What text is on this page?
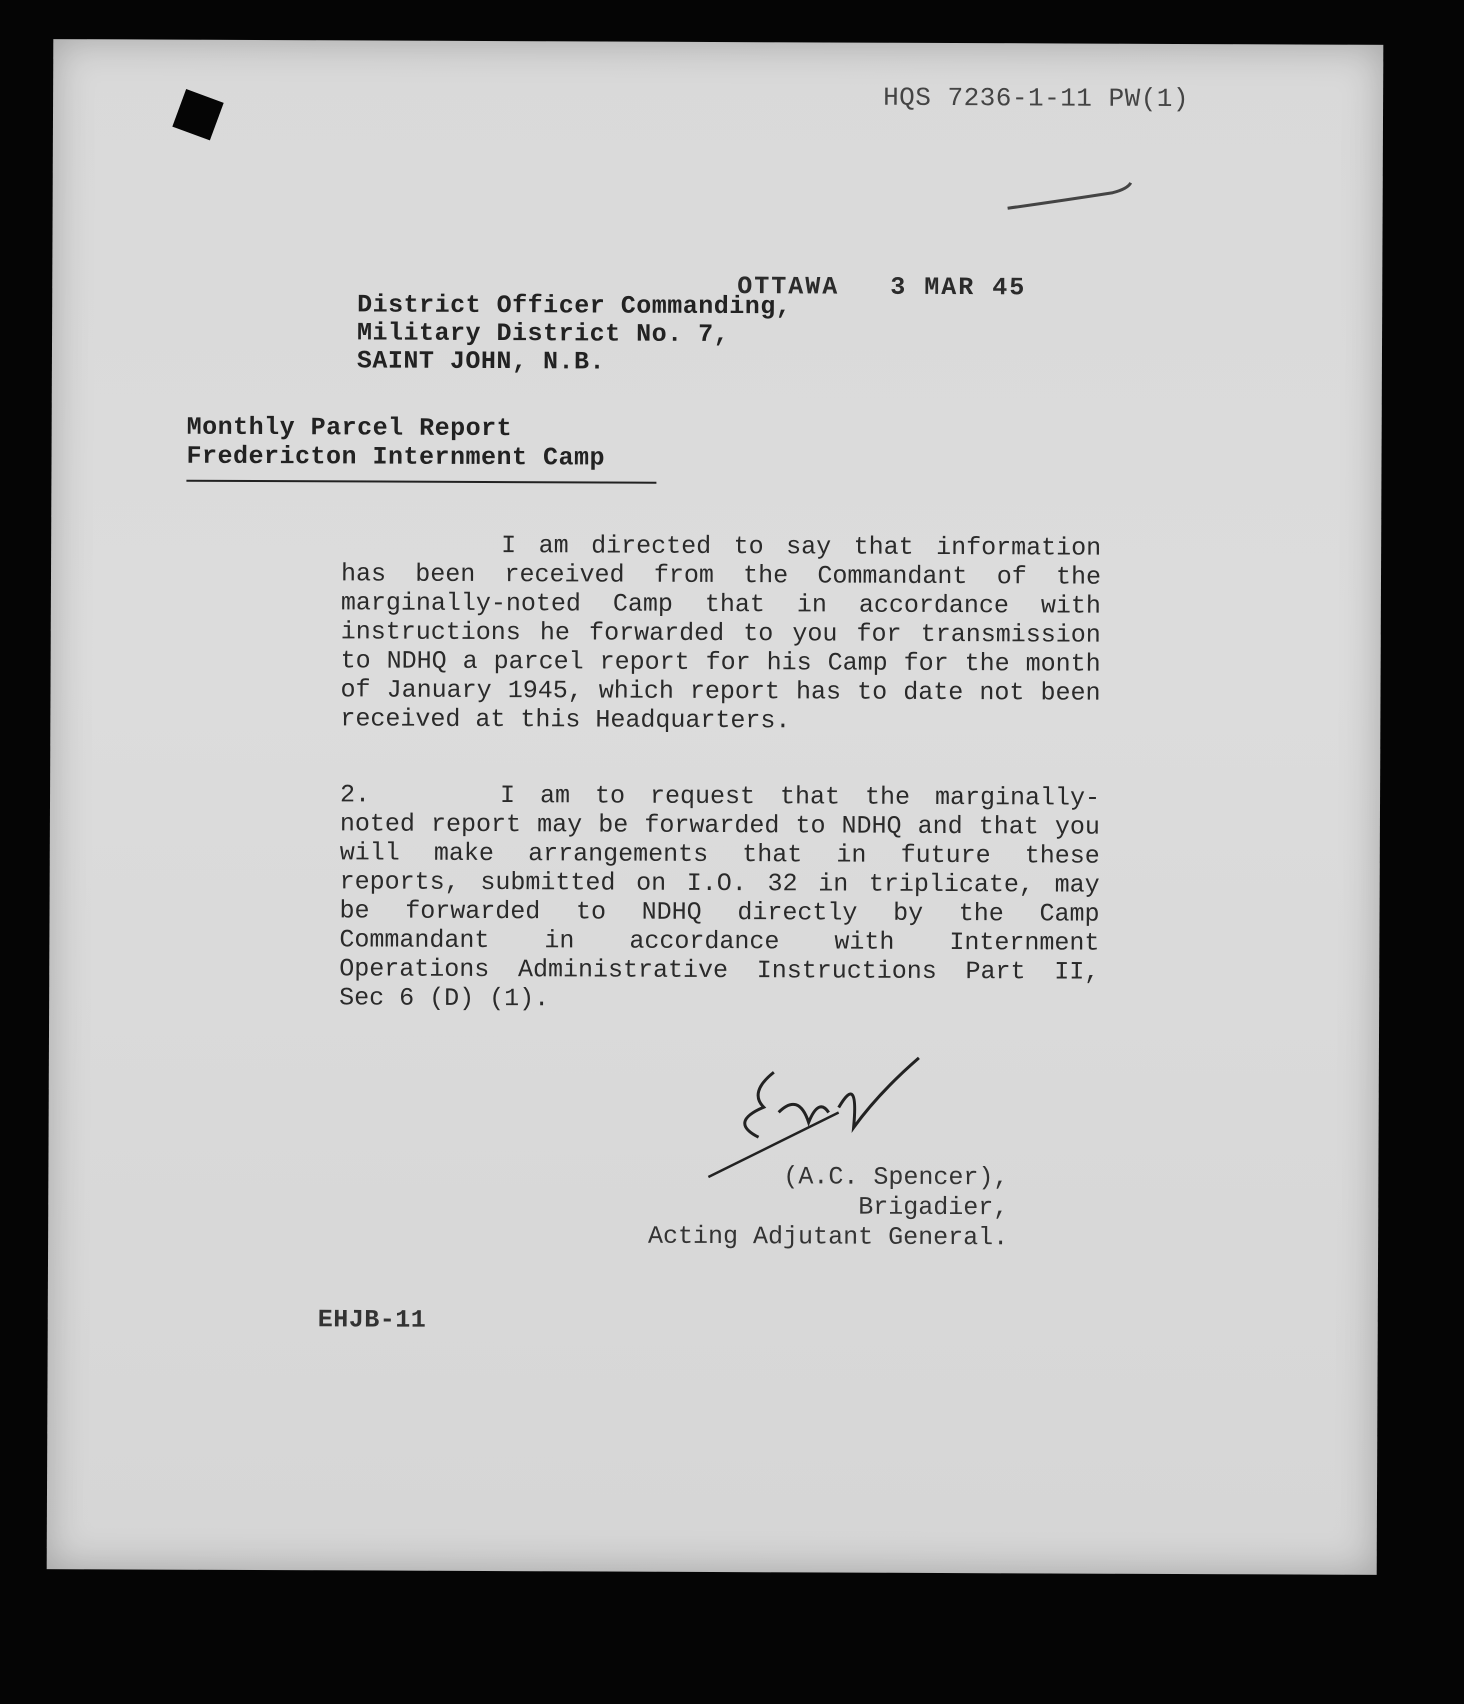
HQS 7236-1-11 PW(1)
OTTAWA   3 MAR 45
District Officer Commanding,
Military District No. 7,
SAINT JOHN, N.B.
Monthly Parcel Report
Fredericton Internment Camp
I am directed to say that information has been received from the Commandant of the marginally-noted Camp that in accordance with instructions he forwarded to you for transmission to NDHQ a parcel report for his Camp for the month of January 1945, which report has to date not been received at this Headquarters.
2.	I am to request that the marginally-noted report may be forwarded to NDHQ and that you will make arrangements that in future these reports, submitted on I.O. 32 in triplicate, may be forwarded to NDHQ directly by the Camp Commandant in accordance with Internment Operations Administrative Instructions Part II, Sec 6 (D) (1).
(A.C. Spencer),
Brigadier,
Acting Adjutant General.
EHJB-11
